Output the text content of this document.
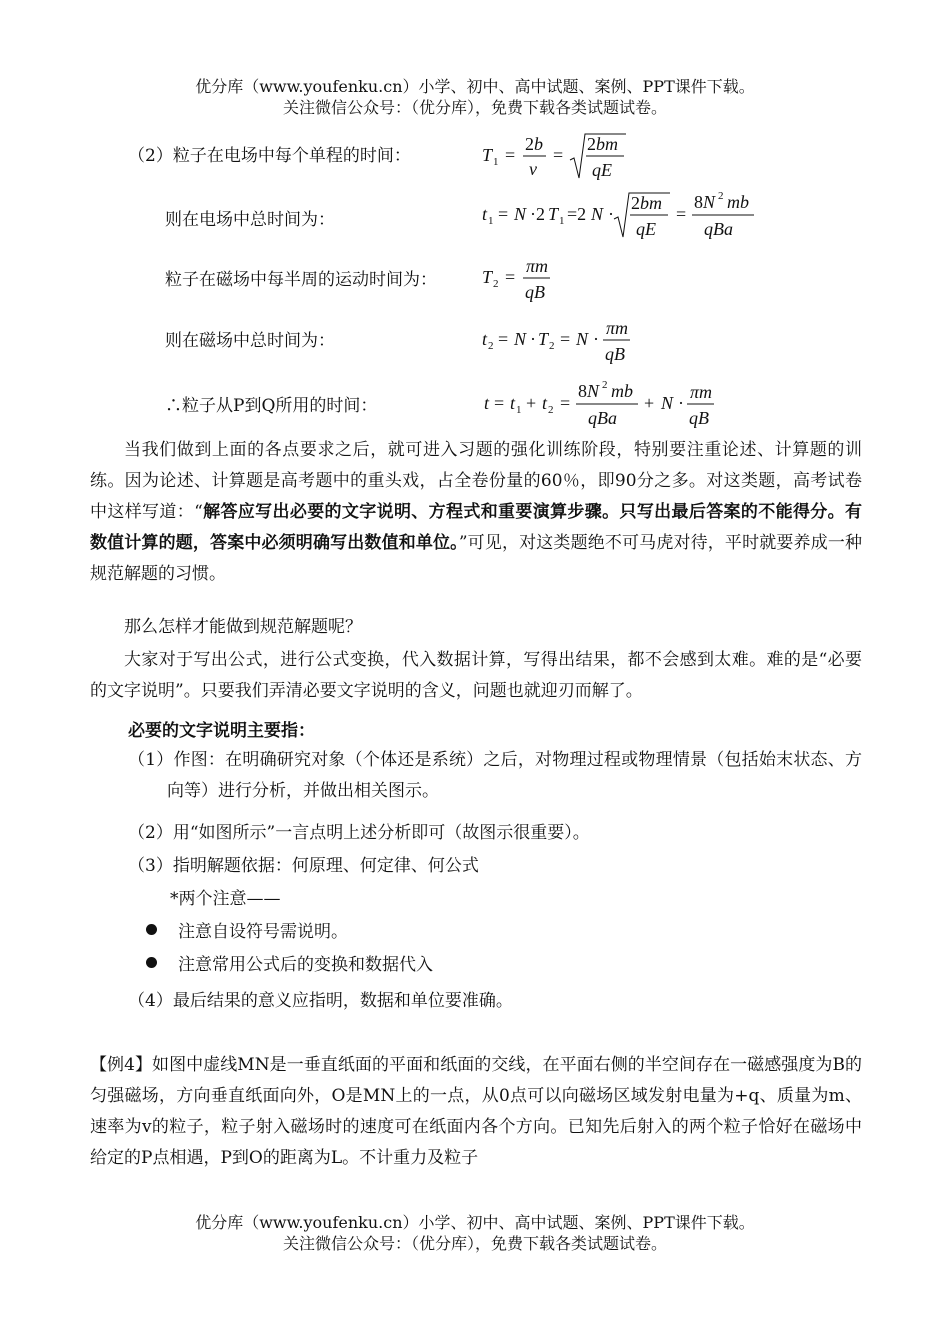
优分库（www.youfenku.cn）小学、初中、高中试题、案例、PPT课件下载。
关注微信公众号：（优分库），免费下载各类试题试卷。
（2）粒子在电场中每个单程的时间：
则在电场中总时间为：
粒子在磁场中每半周的运动时间为：
则在磁场中总时间为：
∴粒子从P到Q所用的时间：
T 1 =
2b
v
=
2bm
qE
t 1 = N ·2 T 1 =2 N ·
2bm
qE
=
8N 2 mb
qBa
T 2 =
πm
qB
t 2 = N · T 2 = N ·
πm
qB
t = t 1 + t 2 =
8N 2 mb
qBa
+ N ·
πm
qB
当我们做到上面的各点要求之后，就可进入习题的强化训练阶段，特别要注重论述、计算题的训练。因为论述、计算题是高考题中的重头戏，占全卷份量的60％，即90分之多。对这类题，高考试卷中这样写道：“解答应写出必要的文字说明、方程式和重要演算步骤。只写出最后答案的不能得分。有数值计算的题，答案中必须明确写出数值和单位。”可见，对这类题绝不可马虎对待，平时就要养成一种规范解题的习惯。
那么怎样才能做到规范解题呢？
大家对于写出公式，进行公式变换，代入数据计算，写得出结果，都不会感到太难。难的是“必要的文字说明”。只要我们弄清必要文字说明的含义，问题也就迎刃而解了。
必要的文字说明主要指：
（1）作图：在明确研究对象（个体还是系统）之后，对物理过程或物理情景（包括始末状态、方向等）进行分析，并做出相关图示。
（2）用“如图所示”一言点明上述分析即可（故图示很重要）。
（3）指明解题依据：何原理、何定律、何公式
*两个注意——
注意自设符号需说明。
注意常用公式后的变换和数据代入
（4）最后结果的意义应指明，数据和单位要准确。
【例4】如图中虚线MN是一垂直纸面的平面和纸面的交线，在平面右侧的半空间存在一磁感强度为B的匀强磁场，方向垂直纸面向外，O是MN上的一点，从0点可以向磁场区域发射电量为+q、质量为m、速率为v的粒子，粒子射入磁场时的速度可在纸面内各个方向。已知先后射入的两个粒子恰好在磁场中给定的P点相遇，P到O的距离为L。不计重力及粒子
优分库（www.youfenku.cn）小学、初中、高中试题、案例、PPT课件下载。
关注微信公众号：（优分库），免费下载各类试题试卷。
